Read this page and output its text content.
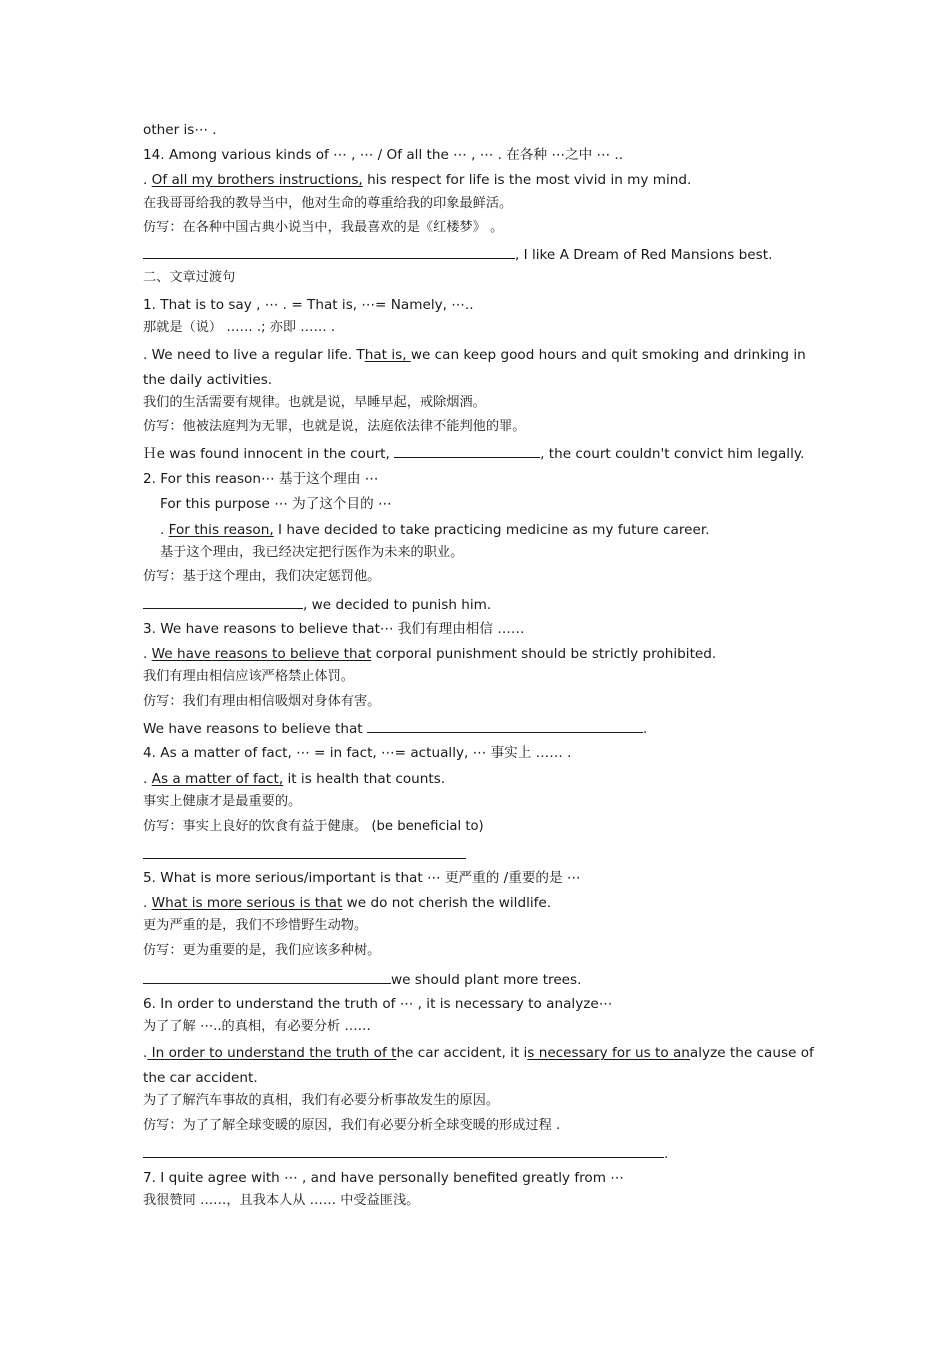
other is⋯ .
14. Among various kinds of ⋯ , ⋯ / Of all the ⋯ , ⋯ . 在各种 ⋯之中 ⋯ ..
. Of all my brothers instructions, his respect for life is the most vivid in my mind.
在我哥哥给我的教导当中，他对生命的尊重给我的印象最鲜活。
仿写：在各种中国古典小说当中，我最喜欢的是《红楼梦》 。
, I like A Dream of Red Mansions best.
二、文章过渡句
1. That is to say , ⋯ . = That is, ⋯= Namely, ⋯..
那就是（说） …… .; 亦即 …… .
. We need to live a regular life. That is, we can keep good hours and quit smoking and drinking in
the daily activities.
我们的生活需要有规律。也就是说，早睡早起，戒除烟酒。
仿写：他被法庭判为无罪，也就是说，法庭依法律不能判他的罪。
Ｈe was found innocent in the court,	, the court couldn't convict him legally.
2. For this reason⋯ 基于这个理由 ⋯
For this purpose ⋯ 为了这个目的 ⋯
. For this reason, I have decided to take practicing medicine as my future career.
基于这个理由，我已经决定把行医作为未来的职业。
仿写：基于这个理由，我们决定惩罚他。
, we decided to punish him.
3. We have reasons to believe that⋯ 我们有理由相信 ……
. We have reasons to believe that corporal punishment should be strictly prohibited.
我们有理由相信应该严格禁止体罚。
仿写：我们有理由相信吸烟对身体有害。
We have reasons to believe that	.
4. As a matter of fact, ⋯ = in fact, ⋯= actually, ⋯ 事实上 …… .
. As a matter of fact, it is health that counts.
事实上健康才是最重要的。
仿写：事实上良好的饮食有益于健康。 (be beneficial to)
5. What is more serious/important is that ⋯ 更严重的 /重要的是 ⋯
. What is more serious is that we do not cherish the wildlife.
更为严重的是，我们不珍惜野生动物。
仿写：更为重要的是，我们应该多种树。
we should plant more trees.
6. In order to understand the truth of ⋯ , it is necessary to analyze⋯
为了了解 ⋯..的真相，有必要分析 ……
. In order to understand the truth of the car accident, it is necessary for us to analyze the cause of
the car accident.
为了了解汽车事故的真相，我们有必要分析事故发生的原因。
仿写：为了了解全球变暖的原因，我们有必要分析全球变暖的形成过程 .
.
7. I quite agree with ⋯ , and have personally benefited greatly from ⋯
我很赞同 ……，且我本人从 …… 中受益匪浅。
